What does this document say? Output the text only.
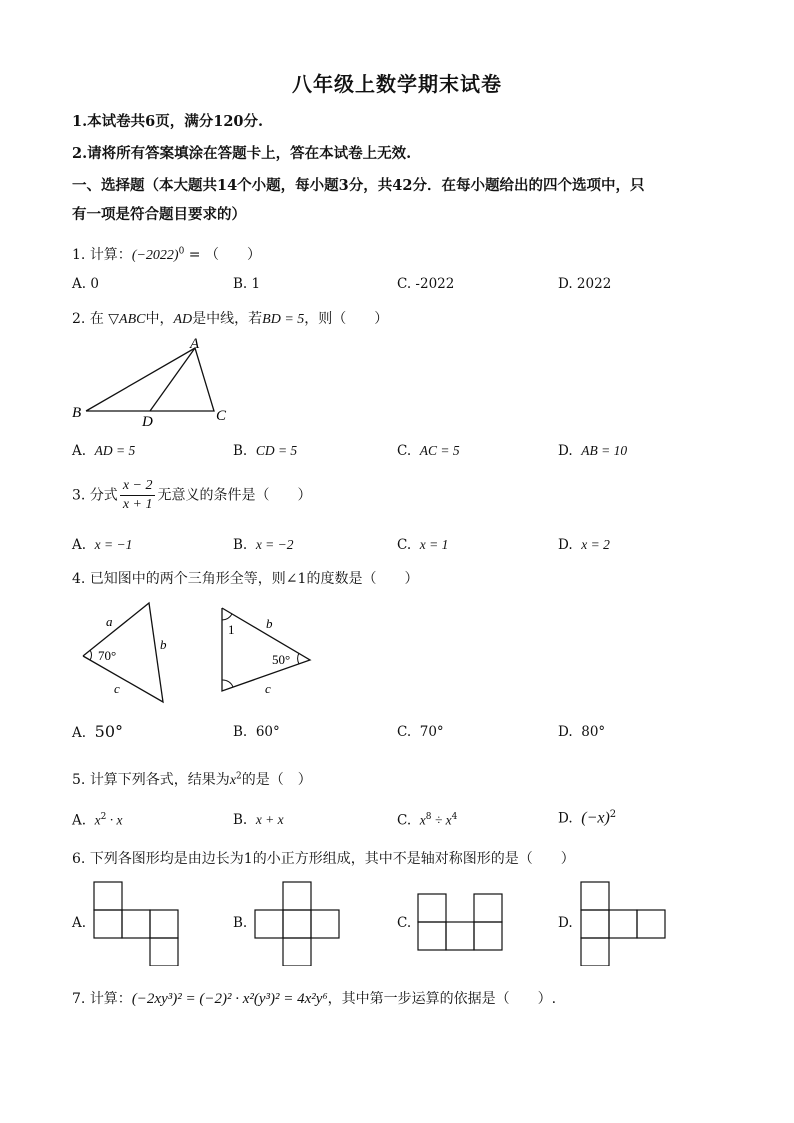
八年级上数学期末试卷
1.本试卷共6页，满分120分.
2.请将所有答案填涂在答题卡上，答在本试卷上无效.
一、选择题（本大题共14个小题，每小题3分，共42分．在每小题给出的四个选项中，只
有一项是符合题目要求的）
1. 计算：$(-2022)^0$ = （　　）
A. 0	B. 1	C. -2022	D. 2022
2. 在 ▽ABC中，AD是中线，若BD = 5，则（　　）
A
B	C
D
A. AD = 5	B. CD = 5	C. AC = 5	D. AB = 10
3. 分式 $\frac{x - 2}{x + 1}$ 无意义的条件是（　　）
A. x = −1	B. x = −2	C. x = 1	D. x = 2
4. 已知图中的两个三角形全等，则∠1的度数是（　　）
a
b
c
70°
1 b
c
50°
A. 50°	B. 60°	C. 70°	D. 80°
5. 计算下列各式，结果为$x^2$的是（　）
A. $x^2 \cdot x$	B. x + x	C. $x^8 \div x^4$	D. $(-x)^2$
6. 下列各图形均是由边长为1的小正方形组成，其中不是轴对称图形的是（　　）
A.	B.	C.	D.
7. 计算：(−2xy³)² = (−2)² · x²(y³)² = 4x²y⁶，其中第一步运算的依据是（　　）.
